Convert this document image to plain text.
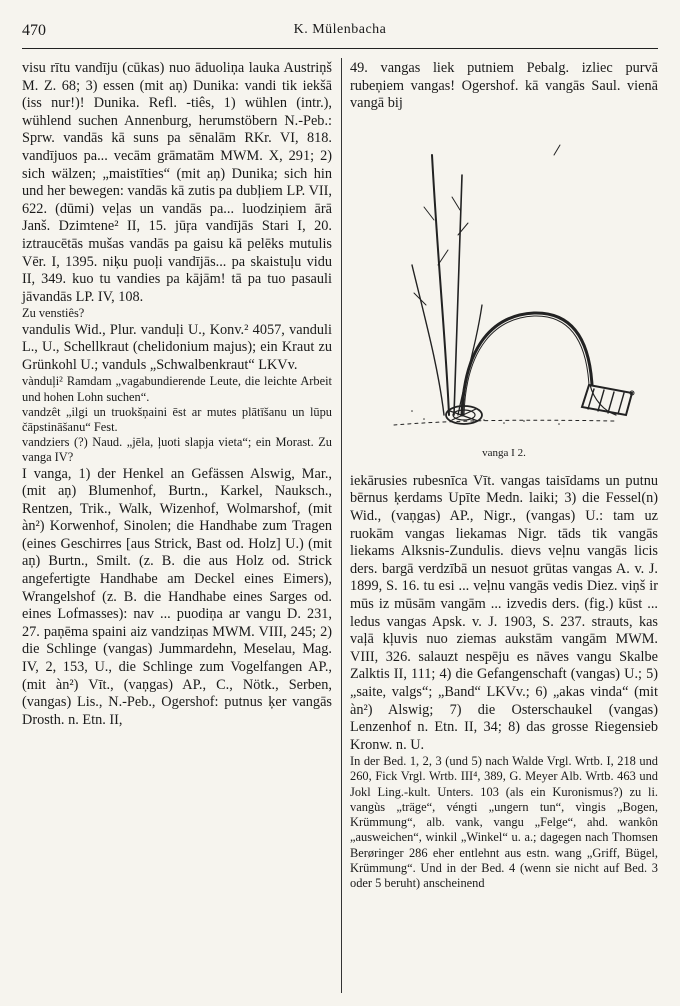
470	K. Mülenbacha

visu rītu vandīju (cūkas) nuo āduoliņa lauka Austriņš M. Z. 68; 3) essen (mit aņ) Dunika: vandi tik iekšā (iss nur!)! Dunika. Refl. -tiês, 1) wühlen (intr.), wühlend suchen Annenburg, herumstöbern N.-Peb.: Sprw. vandās kā suns pa sēnalām RKr. VI, 818. vandījuos pa... vecām grāmatām MWM. X, 291; 2) sich wälzen; „maistīties“ (mit aņ) Dunika; sich hin und her bewegen: vandās kā zutis pa dubļiem LP. VII, 622. (dūmi) veļas un vandās pa... luodziņiem ārā Janš. Dzimtene² II, 15. jūŗa vandījās Stari I, 20. iztraucētās mušas vandās pa gaisu kā pelēks mutulis Vēr. I, 1395. niķu puoļi vandījās... pa skaistuļu vidu II, 349. kuo tu vandies pa kājām! tā pa tuo pasauli jāvandās LP. IV, 108.

Zu venstiês?

vandulis Wid., Plur. vanduļi U., Konv.² 4057, vanduli L., U., Schellkraut (chelidonium majus); ein Kraut zu Grünkohl U.; vanduls „Schwalbenkraut“ LKVv.

vànduļi² Ramdam „vagabundierende Leute, die leichte Arbeit und hohen Lohn suchen“.

vandzêt „ilgi un truokšņaini ēst ar mutes plātīšanu un lūpu čāpstināšanu“ Fest.

vandziers (?) Naud. „jēla, ļuoti slapja vieta“; ein Morast. Zu vanga IV?

I vanga, 1) der Henkel an Gefässen Alswig, Mar., (mit aņ) Blumenhof, Burtn., Karkel, Nauksch., Rentzen, Trik., Walk, Wizenhof, Wolmarshof, (mit àn²) Korwenhof, Sinolen; die Handhabe zum Tragen (eines Geschirres [aus Strick, Bast od. Holz] U.) (mit aņ) Burtn., Smilt. (z. B. die aus Holz od. Strick angefertigte Handhabe am Deckel eines Eimers), Wrangelshof (z. B. die Handhabe eines Sarges od. eines Lofmasses): nav ... puodiņa ar vangu D. 231, 27. paņēma spaini aiz vandziņas MWM. VIII, 245; 2) die Schlinge (vangas) Jummardehn, Meselau, Mag. IV, 2, 153, U., die Schlinge zum Vogelfangen AP., (mit àn²) Vīt., (vaņgas) AP., C., Nötk., Serben, (vangas) Lis., N.-Peb., Ogershof: putnus ķer vangās Drosth. n. Etn. II,

49. vangas liek putniem Pebalg. izliec purvā rubeņiem vangas! Ogershof. kā vangās Saul. vienā vangā bij

vanga I 2.

iekārusies rubesnīca Vīt. vangas taisīdams un putnu bērnus ķerdams Upīte Medn. laiki; 3) die Fessel(n) Wid., (vaņgas) AP., Nigr., (vangas) U.: tam uz ruokām vangas liekamas Nigr. tāds tik vangās liekams Alksnis-Zundulis. dievs veļnu vangās licis ders. bargā verdzībā un nesuot grūtas vangas A. v. J. 1899, S. 16. tu esi ... veļnu vangās vedis Diez. viņš ir mūs iz mūsām vangām ... izvedis ders. (fig.) kūst ... ledus vangas Apsk. v. J. 1903, S. 237. strauts, kas vaļā kļuvis nuo ziemas aukstām vangām MWM. VIII, 326. salauzt nespēju es nāves vangu Skalbe Zalktis II, 111; 4) die Gefangenschaft (vangas) U.; 5) „saite, valgs“; „Band“ LKVv.; 6) „akas vinda“ (mit àn²) Alswig; 7) die Osterschaukel (vangas) Lenzenhof n. Etn. II, 34; 8) das grosse Riegensieb Kronw. n. U.

In der Bed. 1, 2, 3 (und 5) nach Walde Vrgl. Wrtb. I, 218 und 260, Fick Vrgl. Wrtb. III⁴, 389, G. Meyer Alb. Wrtb. 463 und Jokl Ling.-kult. Unters. 103 (als ein Kuronismus?) zu li. vangùs „träge“, véngti „ungern tun“, vìngis „Bogen, Krümmung“, alb. vank, vangu „Felge“, ahd. wankôn „ausweichen“, winkil „Winkel“ u. a.; dagegen nach Thomsen Berøringer 286 eher entlehnt aus estn. wang „Griff, Bügel, Krümmung“. Und in der Bed. 4 (wenn sie nicht auf Bed. 3 oder 5 beruht) anscheinend
